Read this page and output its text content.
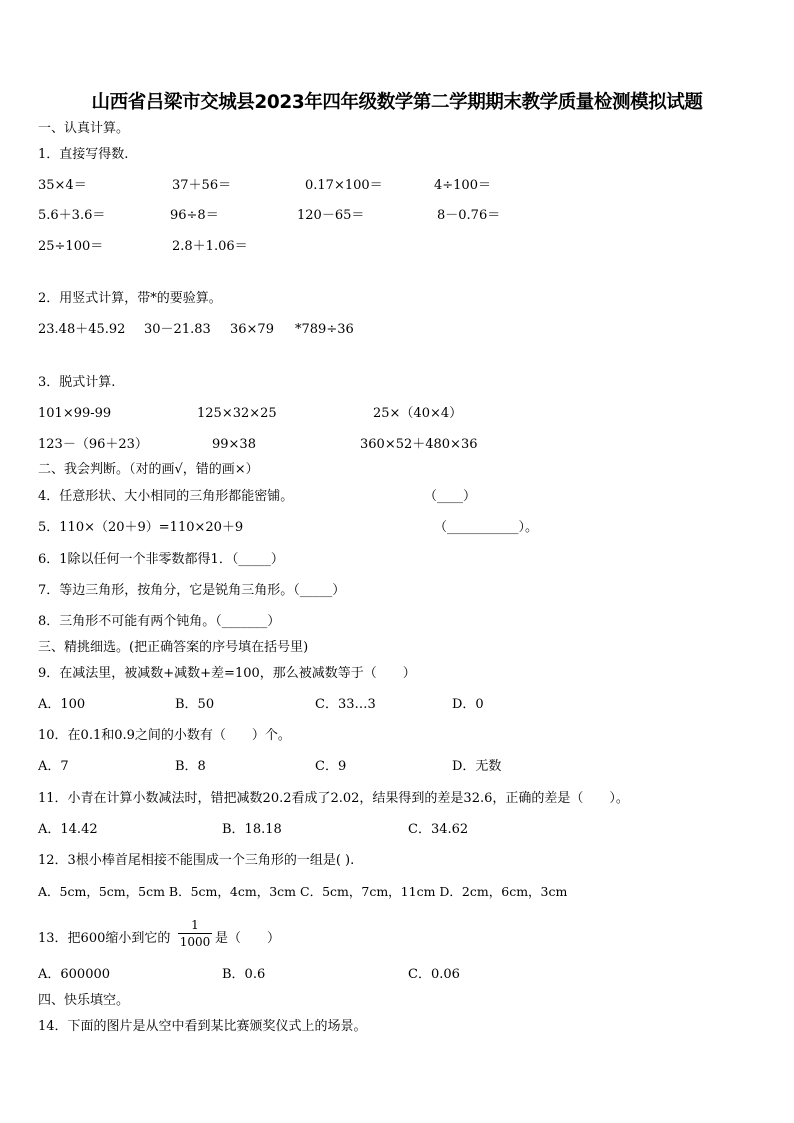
山西省吕梁市交城县2023年四年级数学第二学期期末教学质量检测模拟试题
一、认真计算。
1．直接写得数.
35×4＝	37＋56＝	0.17×100＝	4÷100＝
5.6＋3.6＝	96÷8＝	120－65＝	8－0.76＝
25÷100＝	2.8＋1.06＝
2．用竖式计算，带*的要验算。
23.48＋45.92 30－21.83 36×79 *789÷36
3．脱式计算.
101×99-99	125×32×25	25×（40×4）
123－（96＋23）	99×38	360×52＋480×36
二、我会判断。（对的画√，错的画×）
4．任意形状、大小相同的三角形都能密铺。	（____）
5．110×（20＋9）=110×20＋9	（___________）。
6．1除以任何一个非零数都得1．（_____）
7．等边三角形，按角分，它是锐角三角形。（_____）
8．三角形不可能有两个钝角。（_______）
三、精挑细选。(把正确答案的序号填在括号里)
9．在减法里，被减数+减数+差=100，那么被减数等于（　　）
A．100	B．50	C．33…3	D．0
10．在0.1和0.9之间的小数有（　　）个。
A．7	B．8	C．9	D．无数
11．小青在计算小数减法时，错把减数20.2看成了2.02，结果得到的差是32.6，正确的差是（　　）。
A．14.42	B．18.18	C．34.62
12．3根小棒首尾相接不能围成一个三角形的一组是( ).
A．5cm，5cm，5cm B．5cm，4cm，3cm C．5cm，7cm，11cm D．2cm，6cm，3cm
13．把600缩小到它的
1
1000 是（　　）
A．600000	B．0.6	C．0.06
四、快乐填空。
14．下面的图片是从空中看到某比赛颁奖仪式上的场景。
